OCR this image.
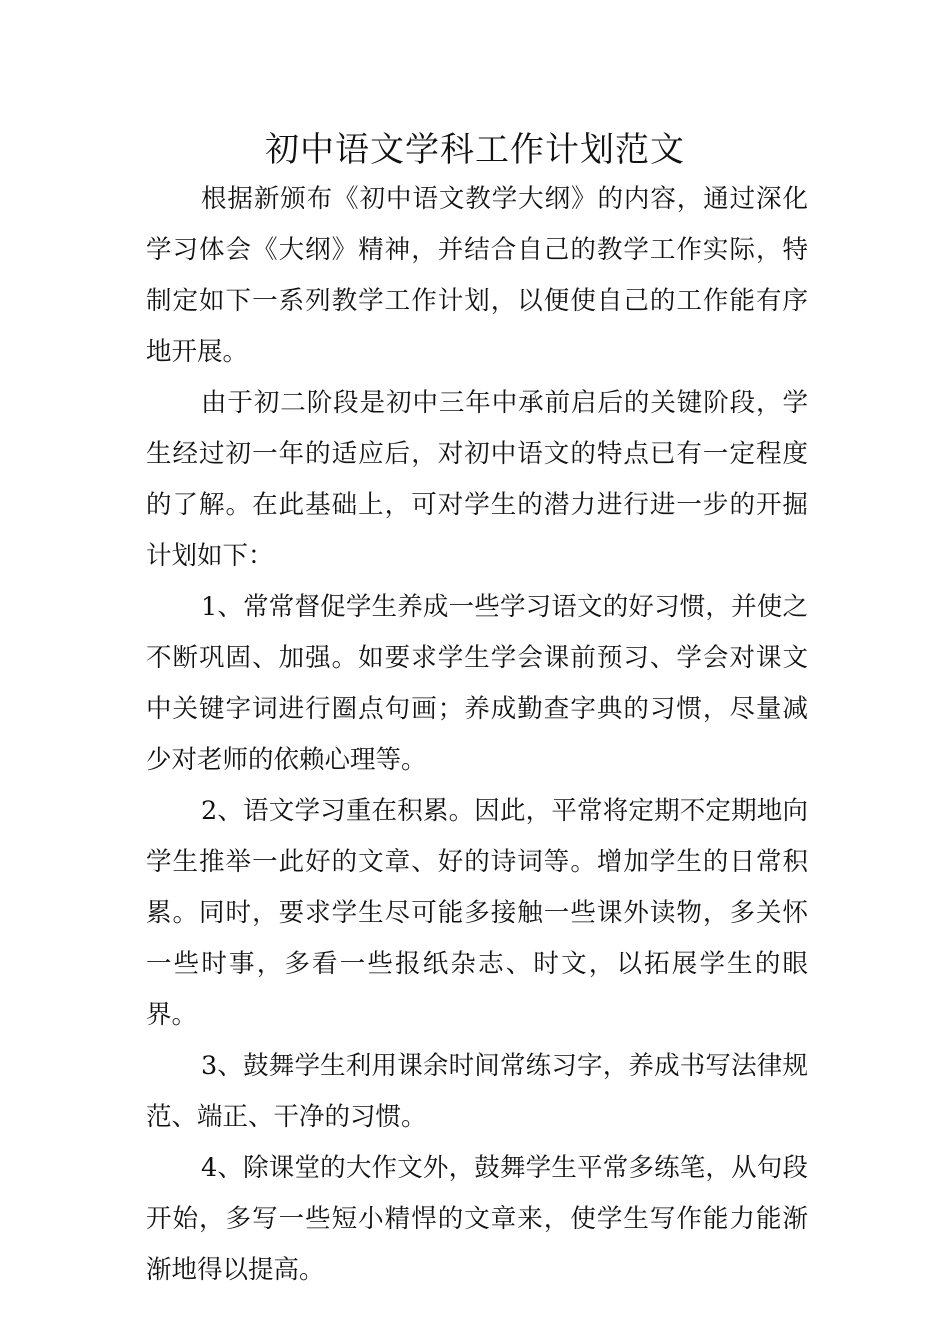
初中语文学科工作计划范文

根据新颁布《初中语文教学大纲》的内容，通过深化学习体会《大纲》精神，并结合自己的教学工作实际，特制定如下一系列教学工作计划，以便使自己的工作能有序地开展。

由于初二阶段是初中三年中承前启后的关键阶段，学生经过初一年的适应后，对初中语文的特点已有一定程度的了解。在此基础上，可对学生的潜力进行进一步的开掘计划如下：

1、常常督促学生养成一些学习语文的好习惯，并使之不断巩固、加强。如要求学生学会课前预习、学会对课文中关键字词进行圈点句画；养成勤查字典的习惯，尽量减少对老师的依赖心理等。

2、语文学习重在积累。因此，平常将定期不定期地向学生推举一此好的文章、好的诗词等。增加学生的日常积累。同时，要求学生尽可能多接触一些课外读物，多关怀一些时事，多看一些报纸杂志、时文，以拓展学生的眼界。

3、鼓舞学生利用课余时间常练习字，养成书写法律规范、端正、干净的习惯。

4、除课堂的大作文外，鼓舞学生平常多练笔，从句段开始，多写一些短小精悍的文章来，使学生写作能力能渐渐地得以提高。
